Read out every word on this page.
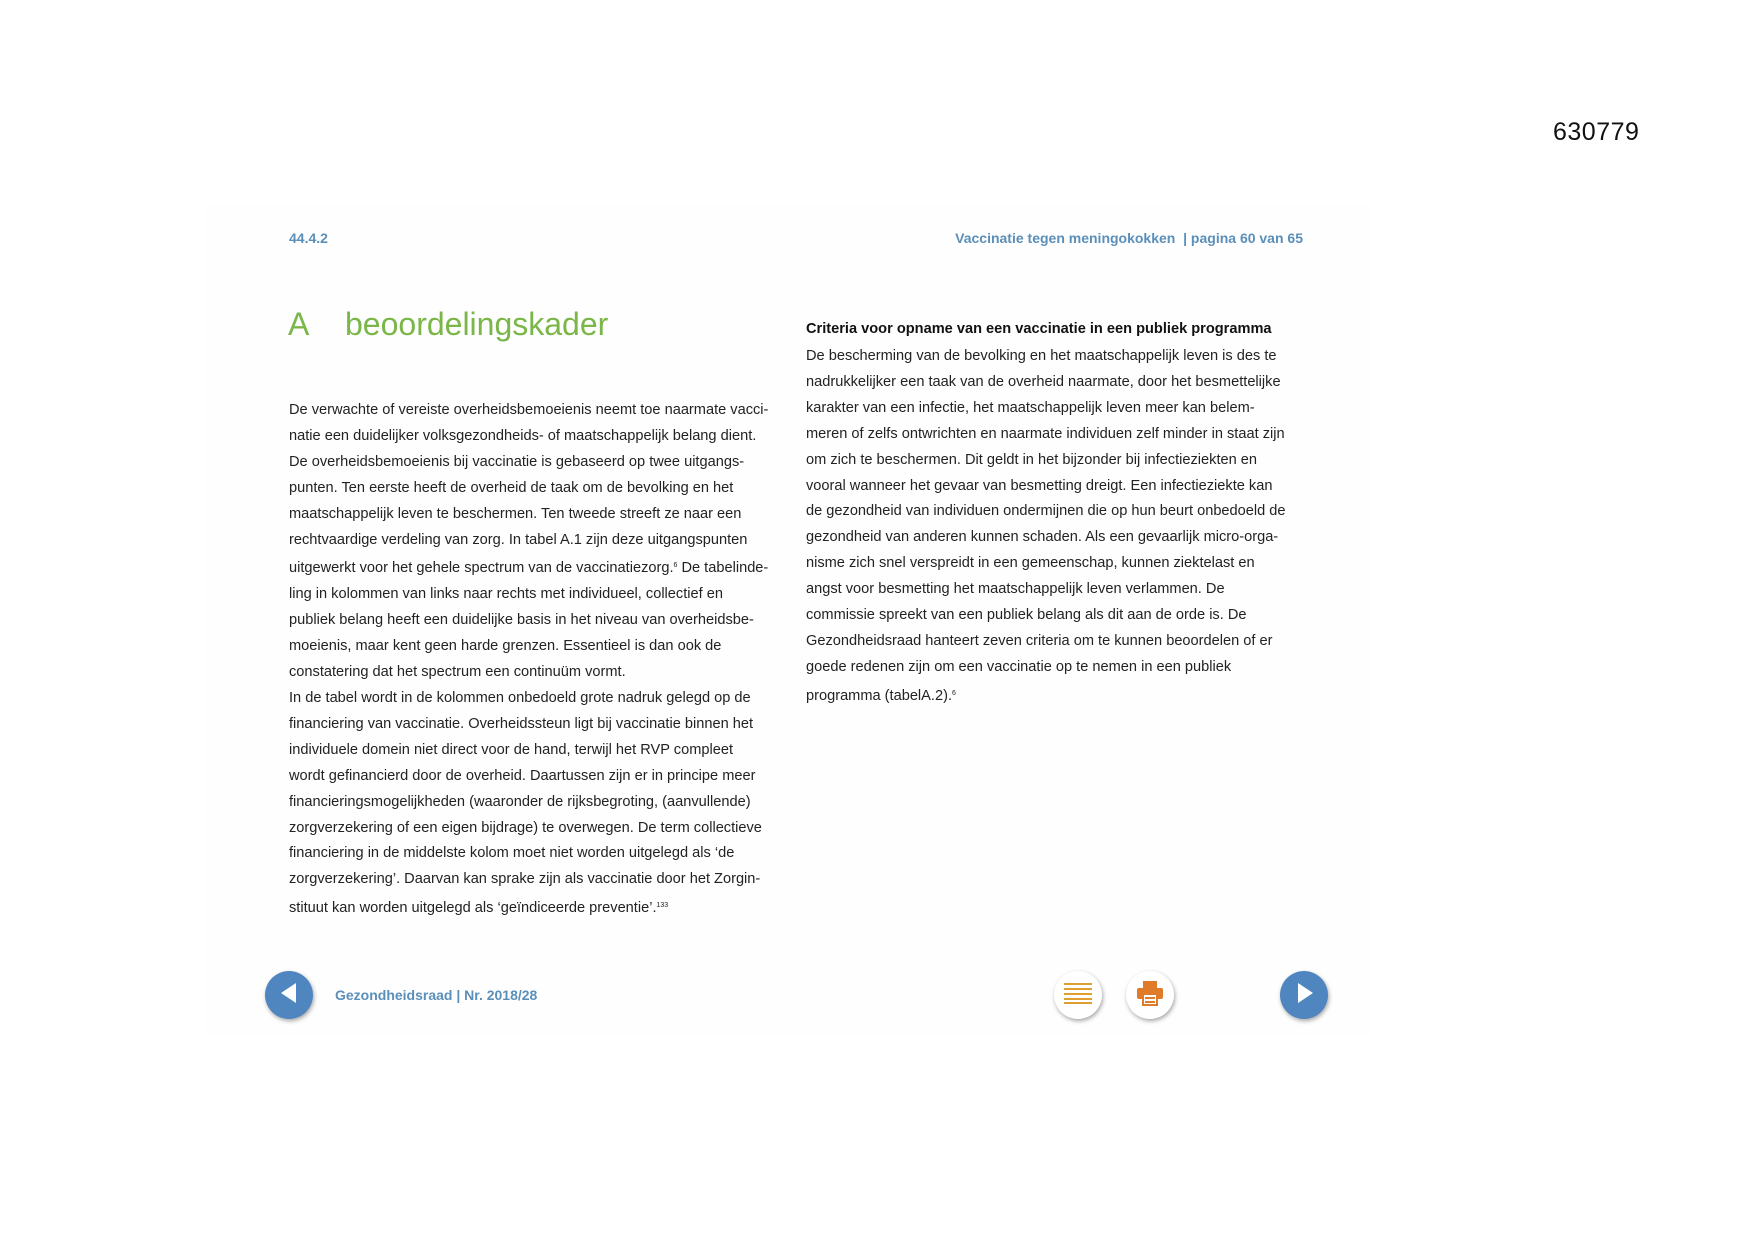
630779
44.4.2	Vaccinatie tegen meningokokken | pagina 60 van 65
A beoordelingskader
De verwachte of vereiste overheidsbemoeienis neemt toe naarmate vacci-
natie een duidelijker volksgezondheids- of maatschappelijk belang dient.
De overheidsbemoeienis bij vaccinatie is gebaseerd op twee uitgangs-
punten. Ten eerste heeft de overheid de taak om de bevolking en het
maatschappelijk leven te beschermen. Ten tweede streeft ze naar een
rechtvaardige verdeling van zorg. In tabel A.1 zijn deze uitgangspunten
uitgewerkt voor het gehele spectrum van de vaccinatiezorg.$^6$ De tabelinde-
ling in kolommen van links naar rechts met individueel, collectief en
publiek belang heeft een duidelijke basis in het niveau van overheidsbe-
moeienis, maar kent geen harde grenzen. Essentieel is dan ook de
constatering dat het spectrum een continuüm vormt.
In de tabel wordt in de kolommen onbedoeld grote nadruk gelegd op de
financiering van vaccinatie. Overheidssteun ligt bij vaccinatie binnen het
individuele domein niet direct voor de hand, terwijl het RVP compleet
wordt gefinancierd door de overheid. Daartussen zijn er in principe meer
financieringsmogelijkheden (waaronder de rijksbegroting, (aanvullende)
zorgverzekering of een eigen bijdrage) te overwegen. De term collectieve
financiering in de middelste kolom moet niet worden uitgelegd als ‘de
zorgverzekering’. Daarvan kan sprake zijn als vaccinatie door het Zorgin-
stituut kan worden uitgelegd als ‘geïndiceerde preventie’.$^{133}$
Criteria voor opname van een vaccinatie in een publiek programma
De bescherming van de bevolking en het maatschappelijk leven is des te
nadrukkelijker een taak van de overheid naarmate, door het besmettelijke
karakter van een infectie, het maatschappelijk leven meer kan belem-
meren of zelfs ontwrichten en naarmate individuen zelf minder in staat zijn
om zich te beschermen. Dit geldt in het bijzonder bij infectieziekten en
vooral wanneer het gevaar van besmetting dreigt. Een infectieziekte kan
de gezondheid van individuen ondermijnen die op hun beurt onbedoeld de
gezondheid van anderen kunnen schaden. Als een gevaarlijk micro-orga-
nisme zich snel verspreidt in een gemeenschap, kunnen ziektelast en
angst voor besmetting het maatschappelijk leven verlammen. De
commissie spreekt van een publiek belang als dit aan de orde is. De
Gezondheidsraad hanteert zeven criteria om te kunnen beoordelen of er
goede redenen zijn om een vaccinatie op te nemen in een publiek
programma (tabelA.2).$^6$
Gezondheidsraad | Nr. 2018/28
